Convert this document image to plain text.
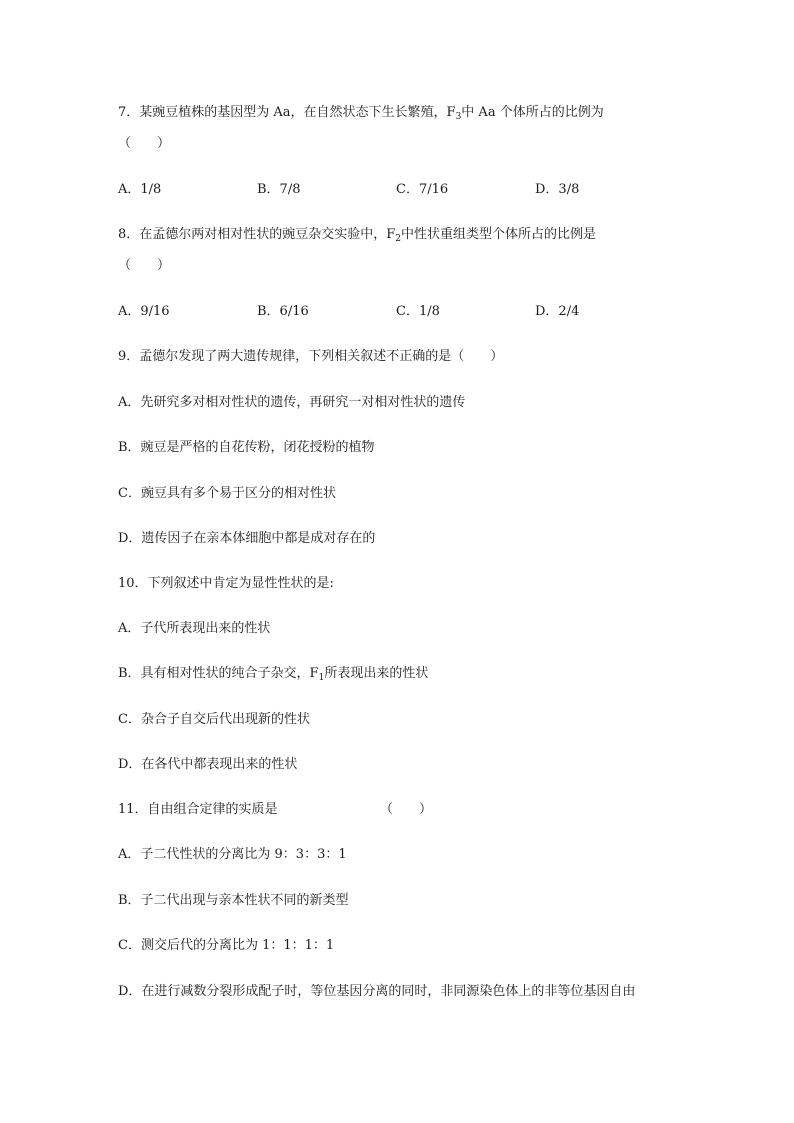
7．某豌豆植株的基因型为 Aa，在自然状态下生长繁殖，$F_3$中 Aa 个体所占的比例为
（　　）
A．1/8	B．7/8	C．7/16	D．3/8
8．在孟德尔两对相对性状的豌豆杂交实验中，$F_2$中性状重组类型个体所占的比例是
（　　）
A．9/16	B．6/16	C．1/8	D．2/4
9．孟德尔发现了两大遗传规律，下列相关叙述不正确的是（　　）
A．先研究多对相对性状的遗传，再研究一对相对性状的遗传
B．豌豆是严格的自花传粉，闭花授粉的植物
C．豌豆具有多个易于区分的相对性状
D．遗传因子在亲本体细胞中都是成对存在的
10．下列叙述中肯定为显性性状的是:
A．子代所表现出来的性状
B．具有相对性状的纯合子杂交，$F_1$所表现出来的性状
C．杂合子自交后代出现新的性状
D．在各代中都表现出来的性状
11．自由组合定律的实质是	（　　）
A．子二代性状的分离比为 9：3：3：1
B．子二代出现与亲本性状不同的新类型
C．测交后代的分离比为 1：1：1：1
D．在进行减数分裂形成配子时，等位基因分离的同时，非同源染色体上的非等位基因自由
